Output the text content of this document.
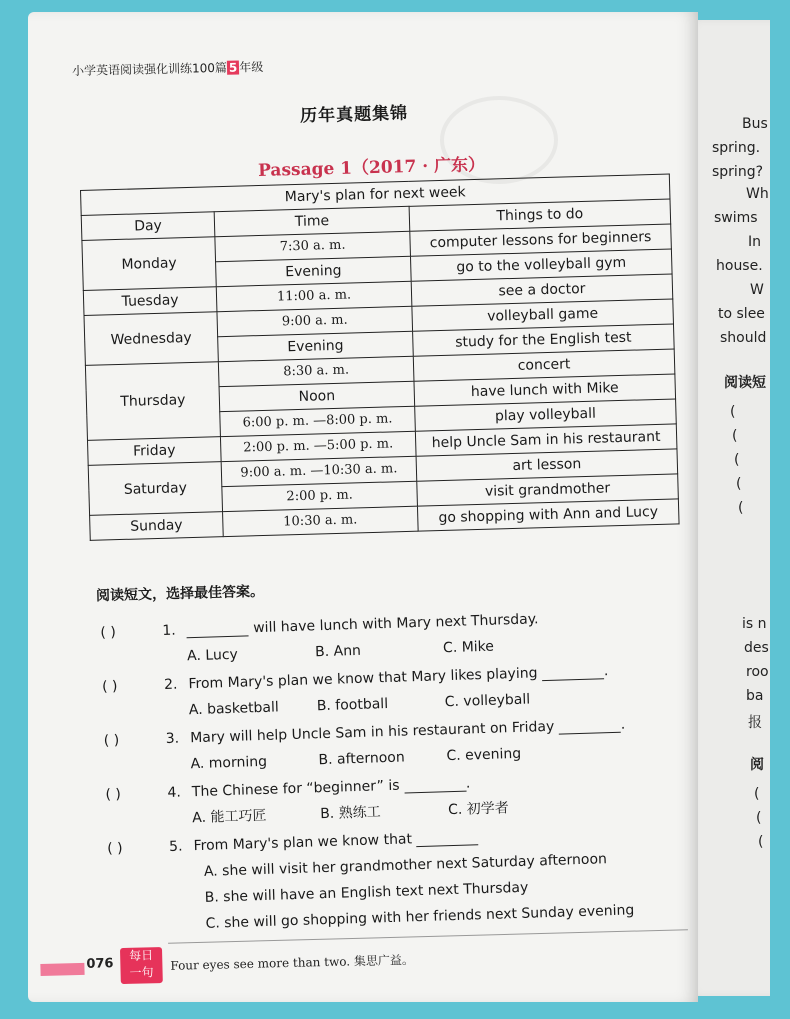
Bus
spring.
spring?
Wh
swims
In
house.
W
to slee
should
阅读短
(
(
(
(
(
is n
des
roo
ba
报
阅
(
(
(
小学英语阅读强化训练100篇 5 年级
历年真题集锦
Passage 1（2017 · 广东）
Mary's plan for next week		
Day	Time	Things to do
Monday	7:30 a. m.	computer lessons for beginners
	Evening	go to the volleyball gym
Tuesday	11:00 a. m.	see a doctor
Wednesday	9:00 a. m.	volleyball game
	Evening	study for the English test
Thursday	8:30 a. m.	concert
	Noon	have lunch with Mike
	6:00 p. m. —8:00 p. m.	play volleyball
Friday	2:00 p. m. —5:00 p. m.	help Uncle Sam in his restaurant
Saturday	9:00 a. m. —10:30 a. m.	art lesson
	2:00 p. m.	visit grandmother
Sunday	10:30 a. m.	go shopping with Ann and Lucy
阅读短文，选择最佳答案。
( )	1.	will have lunch with Mary next Thursday.
A. Lucy	B. Ann	C. Mike
( )	2. From Mary's plan we know that Mary likes playing	.
A. basketball	B. football	C. volleyball
( )	3. Mary will help Uncle Sam in his restaurant on Friday	.
A. morning	B. afternoon	C. evening
( )	4. The Chinese for “beginner” is	.
A. 能工巧匠	B. 熟练工	C. 初学者
( )	5. From Mary's plan we know that
A. she will visit her grandmother next Saturday afternoon
B. she will have an English text next Thursday
C. she will go shopping with her friends next Sunday evening
076
每日
一句	Four eyes see more than two. 集思广益。
